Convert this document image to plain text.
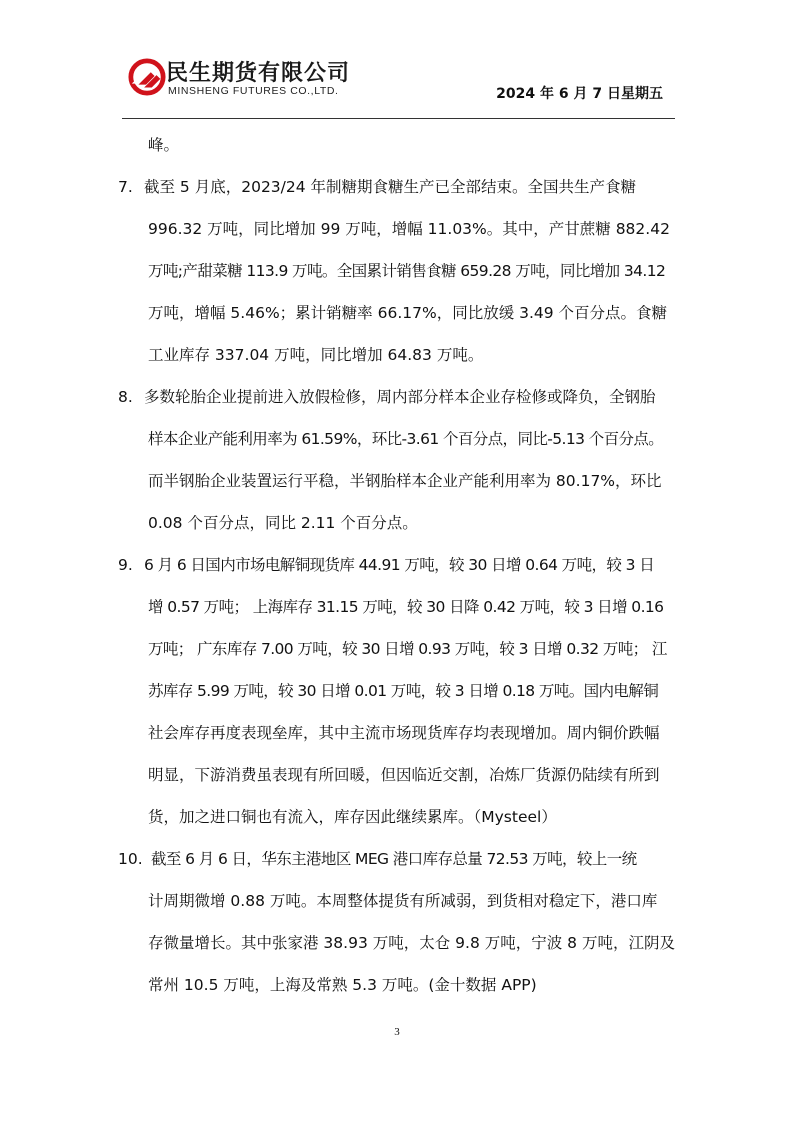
民生期货有限公司
MINSHENG FUTURES CO.,LTD.	2024 年 6 月 7 日星期五
峰。
7. 截至 5 月底，2023/24 年制糖期食糖生产已全部结束。全国共生产食糖
996.32 万吨，同比增加 99 万吨，增幅 11.03%。其中，产甘蔗糖 882.42
万吨;产甜菜糖 113.9 万吨。全国累计销售食糖 659.28 万吨，同比增加 34.12
万吨，增幅 5.46%；累计销糖率 66.17%，同比放缓 3.49 个百分点。食糖
工业库存 337.04 万吨，同比增加 64.83 万吨。
8. 多数轮胎企业提前进入放假检修，周内部分样本企业存检修或降负，全钢胎
样本企业产能利用率为 61.59%，环比-3.61 个百分点，同比-5.13 个百分点。
而半钢胎企业装置运行平稳，半钢胎样本企业产能利用率为 80.17%，环比
0.08 个百分点，同比 2.11 个百分点。
9. 6 月 6 日国内市场电解铜现货库 44.91 万吨，较 30 日增 0.64 万吨，较 3 日
增 0.57 万吨； 上海库存 31.15 万吨，较 30 日降 0.42 万吨，较 3 日增 0.16
万吨； 广东库存 7.00 万吨，较 30 日增 0.93 万吨，较 3 日增 0.32 万吨； 江
苏库存 5.99 万吨，较 30 日增 0.01 万吨，较 3 日增 0.18 万吨。国内电解铜
社会库存再度表现垒库，其中主流市场现货库存均表现增加。周内铜价跌幅
明显，下游消费虽表现有所回暖，但因临近交割，冶炼厂货源仍陆续有所到
货，加之进口铜也有流入，库存因此继续累库。（Mysteel）
10. 截至 6 月 6 日，华东主港地区 MEG 港口库存总量 72.53 万吨，较上一统
计周期微增 0.88 万吨。本周整体提货有所减弱，到货相对稳定下，港口库
存微量增长。其中张家港 38.93 万吨，太仓 9.8 万吨，宁波 8 万吨，江阴及
常州 10.5 万吨，上海及常熟 5.3 万吨。(金十数据 APP)
3
